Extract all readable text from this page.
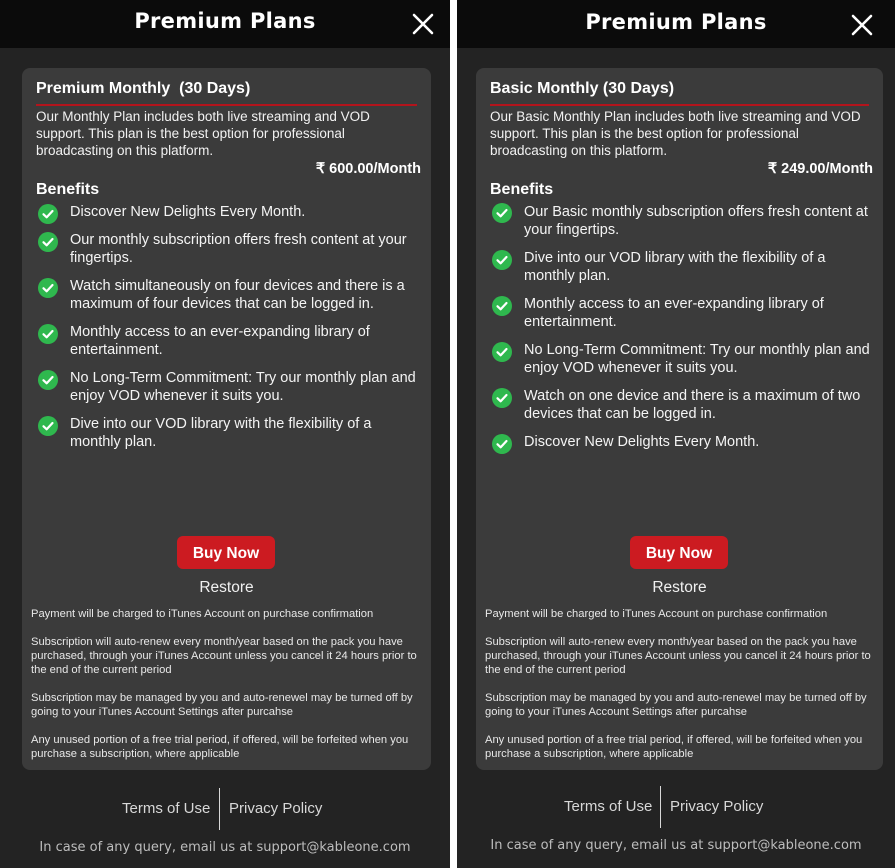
Premium Plans
Premium Monthly  (30 Days)
Our Monthly Plan includes both live streaming and VOD support. This plan is the best option for professional broadcasting on this platform.
₹ 600.00/Month
Benefits
Discover New Delights Every Month.
Our monthly subscription offers fresh content at your fingertips.
Watch simultaneously on four devices and there is a maximum of four devices that can be logged in.
Monthly access to an ever-expanding library of entertainment.
No Long-Term Commitment: Try our monthly plan and enjoy VOD whenever it suits you.
Dive into our VOD library with the flexibility of a monthly plan.
Buy Now
Restore

Payment will be charged to iTunes Account on purchase confirmation

Subscription will auto-renew every month/year based on the pack you have purchased, through your iTunes Account unless you cancel it 24 hours prior to the end of the current period

Subscription may be managed by you and auto-renewel may be turned off by going to your iTunes Account Settings after purcahse

Any unused portion of a free trial period, if offered, will be forfeited when you purchase a subscription, where applicable

Terms of Use Privacy Policy
In case of any query, email us at support@kableone.com
Premium Plans
Basic Monthly (30 Days)
Our Basic Monthly Plan includes both live streaming and VOD support. This plan is the best option for professional broadcasting on this platform.
₹ 249.00/Month
Benefits
Our Basic monthly subscription offers fresh content at your fingertips.
Dive into our VOD library with the flexibility of a monthly plan.
Monthly access to an ever-expanding library of entertainment.
No Long-Term Commitment: Try our monthly plan and enjoy VOD whenever it suits you.
Watch on one device and there is a maximum of two devices that can be logged in.
Discover New Delights Every Month.
Buy Now
Restore

Payment will be charged to iTunes Account on purchase confirmation

Subscription will auto-renew every month/year based on the pack you have purchased, through your iTunes Account unless you cancel it 24 hours prior to the end of the current period

Subscription may be managed by you and auto-renewel may be turned off by going to your iTunes Account Settings after purcahse

Any unused portion of a free trial period, if offered, will be forfeited when you purchase a subscription, where applicable

Terms of Use Privacy Policy
In case of any query, email us at support@kableone.com
